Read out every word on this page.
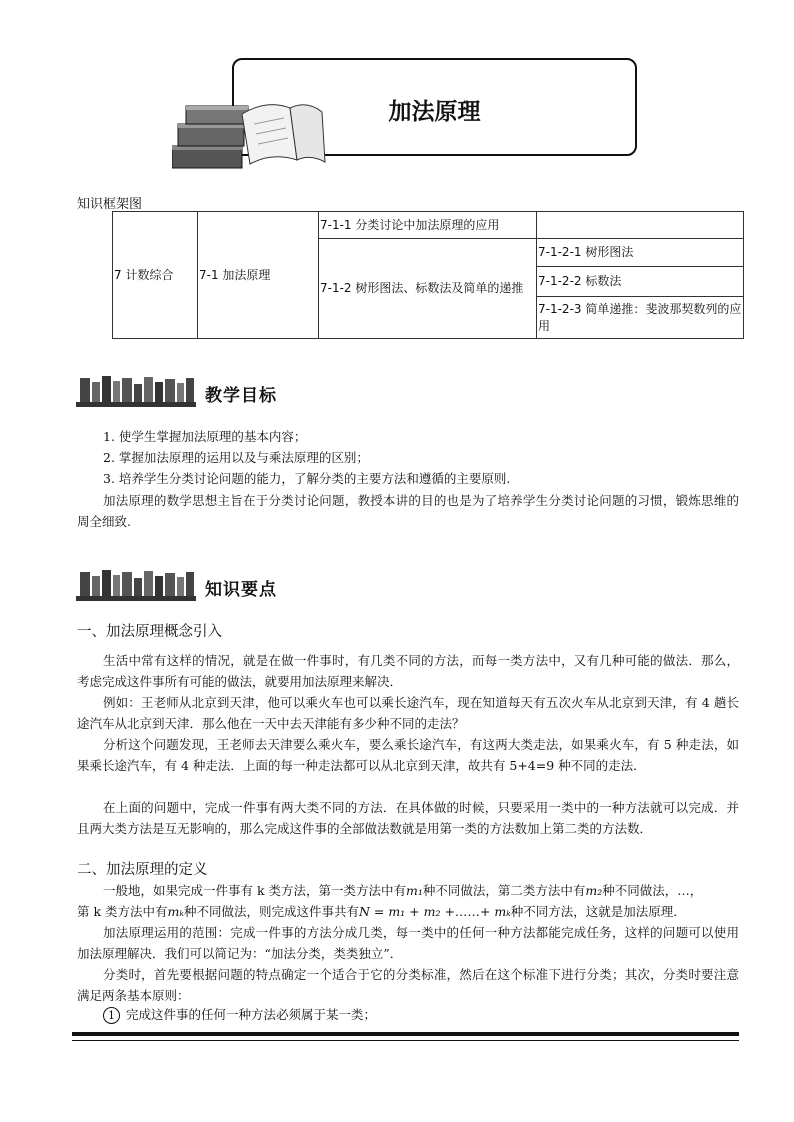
加法原理
知识框架图
7 计数综合	7-1 加法原理	7-1-1 分类讨论中加法原理的应用	
		7-1-2 树形图法、标数法及简单的递推	7-1-2-1 树形图法
			7-1-2-2 标数法
			7-1-2-3 简单递推：斐波那契数列的应用
教学目标
1. 使学生掌握加法原理的基本内容；
2. 掌握加法原理的运用以及与乘法原理的区别；
3. 培养学生分类讨论问题的能力，了解分类的主要方法和遵循的主要原则.
加法原理的数学思想主旨在于分类讨论问题，教授本讲的目的也是为了培养学生分类讨论问题的习惯，锻炼思维的周全细致.
知识要点
一、加法原理概念引入
生活中常有这样的情况，就是在做一件事时，有几类不同的方法，而每一类方法中，又有几种可能的做法．那么，考虑完成这件事所有可能的做法，就要用加法原理来解决．
例如：王老师从北京到天津，他可以乘火车也可以乘长途汽车，现在知道每天有五次火车从北京到天津，有 4 趟长途汽车从北京到天津．那么他在一天中去天津能有多少种不同的走法？
分析这个问题发现，王老师去天津要么乘火车，要么乘长途汽车，有这两大类走法，如果乘火车，有 5 种走法，如果乘长途汽车，有 4 种走法．上面的每一种走法都可以从北京到天津，故共有 5+4=9 种不同的走法．
在上面的问题中，完成一件事有两大类不同的方法．在具体做的时候，只要采用一类中的一种方法就可以完成．并且两大类方法是互无影响的，那么完成这件事的全部做法数就是用第一类的方法数加上第二类的方法数．
二、加法原理的定义
一般地，如果完成一件事有 k 类方法，第一类方法中有m₁种不同做法，第二类方法中有m₂种不同做法，…，
第 k 类方法中有mₖ种不同做法，则完成这件事共有N = m₁ + m₂ +……+ mₖ种不同方法，这就是加法原理．
加法原理运用的范围：完成一件事的方法分成几类，每一类中的任何一种方法都能完成任务，这样的问题可以使用加法原理解决．我们可以简记为：“加法分类，类类独立”．
分类时，首先要根据问题的特点确定一个适合于它的分类标准，然后在这个标准下进行分类；其次，分类时要注意满足两条基本原则：
1 完成这件事的任何一种方法必须属于某一类；
